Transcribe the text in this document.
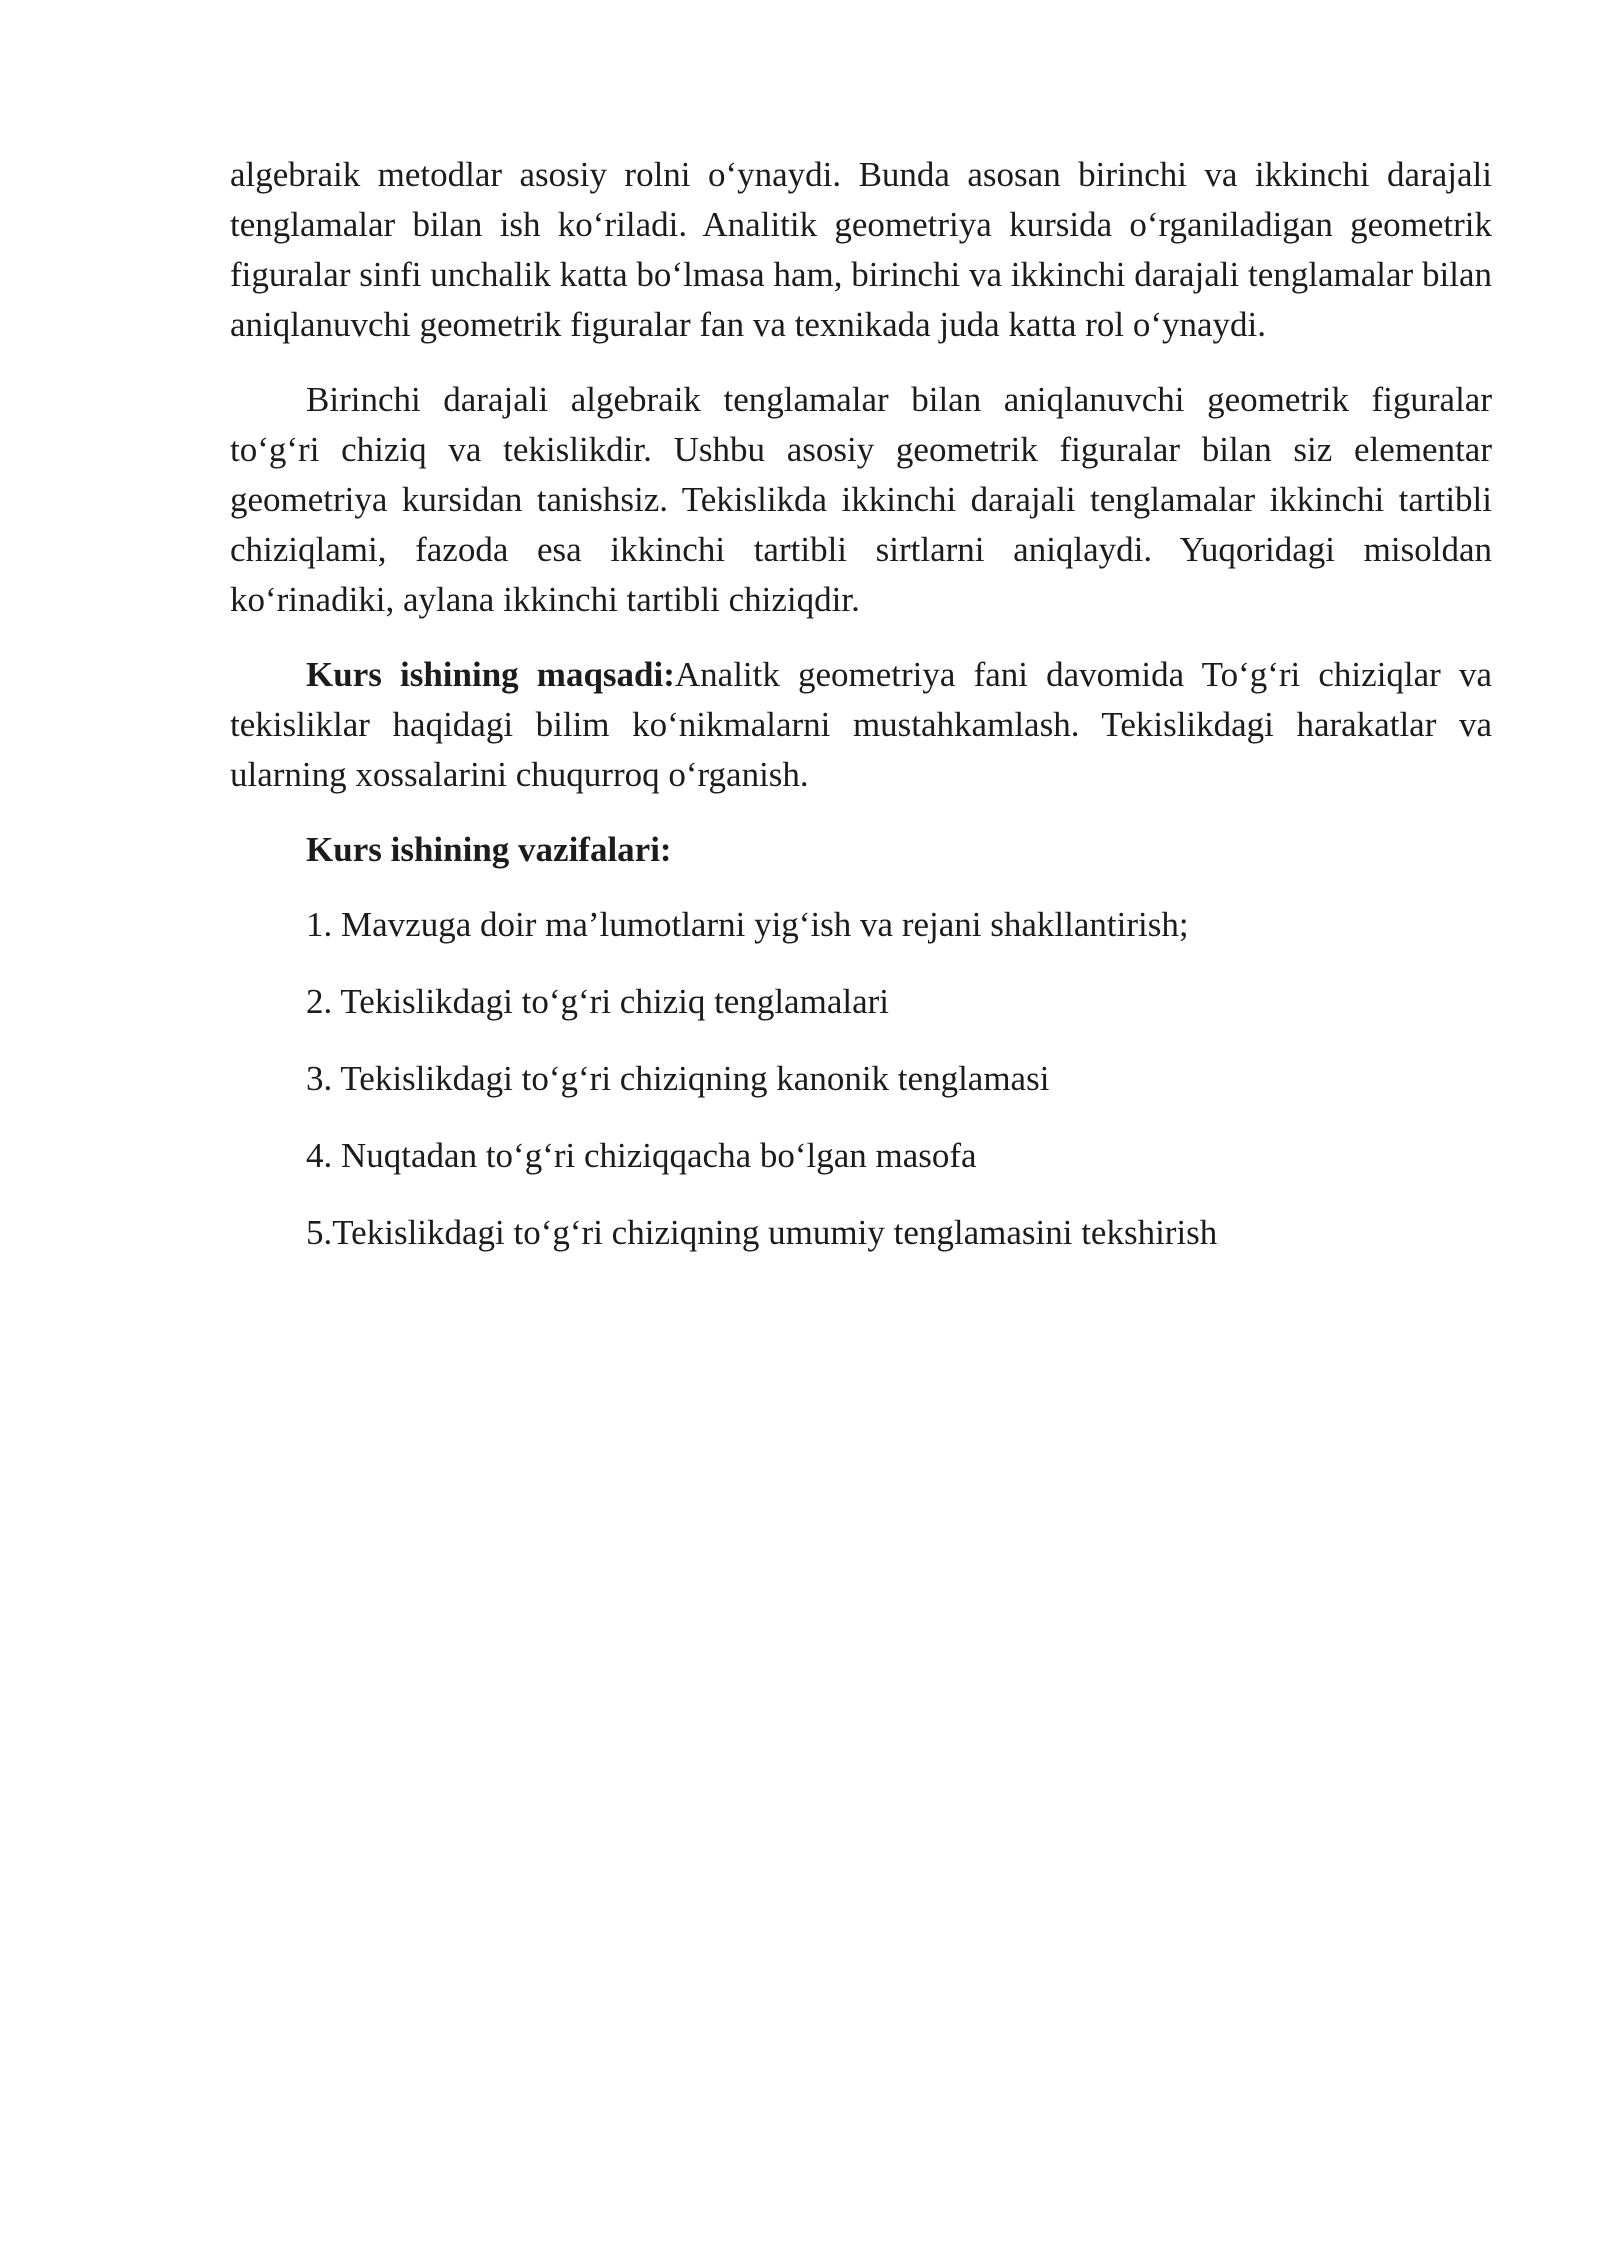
algebraik metodlar asosiy rolni o‘ynaydi. Bunda asosan birinchi va ikkinchi darajali tenglamalar bilan ish ko‘riladi. Analitik geometriya kursida o‘rganiladigan geometrik figuralar sinfi unchalik katta bo‘lmasa ham, birinchi va ikkinchi darajali tenglamalar bilan aniqlanuvchi geometrik figuralar fan va texnikada juda katta rol o‘ynaydi.

Birinchi darajali algebraik tenglamalar bilan aniqlanuvchi geometrik figuralar to‘g‘ri chiziq va tekislikdir. Ushbu asosiy geometrik figuralar bilan siz elementar geometriya kursidan tanishsiz. Tekislikda ikkinchi darajali tenglamalar ikkinchi tartibli chiziqlami, fazoda esa ikkinchi tartibli sirtlarni aniqlaydi. Yuqoridagi misoldan ko‘rinadiki, aylana ikkinchi tartibli chiziqdir.

Kurs ishining maqsadi:Analitk geometriya fani davomida To‘g‘ri chiziqlar va tekisliklar haqidagi bilim ko‘nikmalarni mustahkamlash. Tekislikdagi harakatlar va ularning xossalarini chuqurroq o‘rganish.

Kurs ishining vazifalari:

1. Mavzuga doir ma’lumotlarni yig‘ish va rejani shakllantirish;
2. Tekislikdagi to‘g‘ri chiziq tenglamalari
3. Tekislikdagi to‘g‘ri chiziqning kanonik tenglamasi
4. Nuqtadan to‘g‘ri chiziqqacha bo‘lgan masofa
5.Tekislikdagi to‘g‘ri chiziqning umumiy tenglamasini tekshirish
